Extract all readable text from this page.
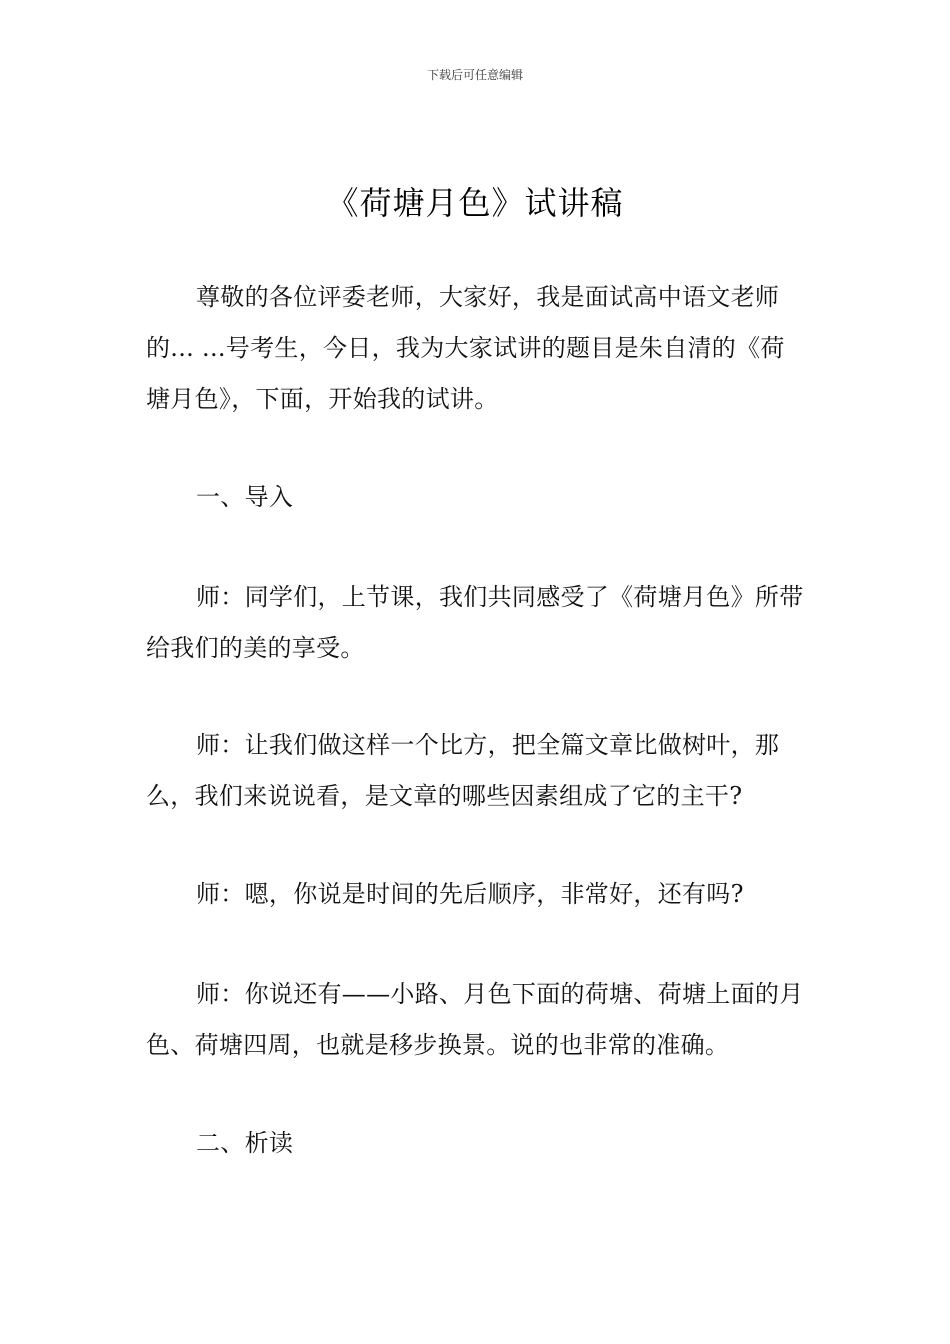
下载后可任意编辑
《荷塘月色》试讲稿
尊敬的各位评委老师，大家好，我是面试高中语文老师的... ...号考生，今日，我为大家试讲的题目是朱自清的《荷塘月色》，下面，开始我的试讲。
一、导入
师：同学们，上节课，我们共同感受了《荷塘月色》所带给我们的美的享受。
师：让我们做这样一个比方，把全篇文章比做树叶，那么，我们来说说看，是文章的哪些因素组成了它的主干?
师：嗯，你说是时间的先后顺序，非常好，还有吗?
师：你说还有——小路、月色下面的荷塘、荷塘上面的月色、荷塘四周，也就是移步换景。说的也非常的准确。
二、析读
